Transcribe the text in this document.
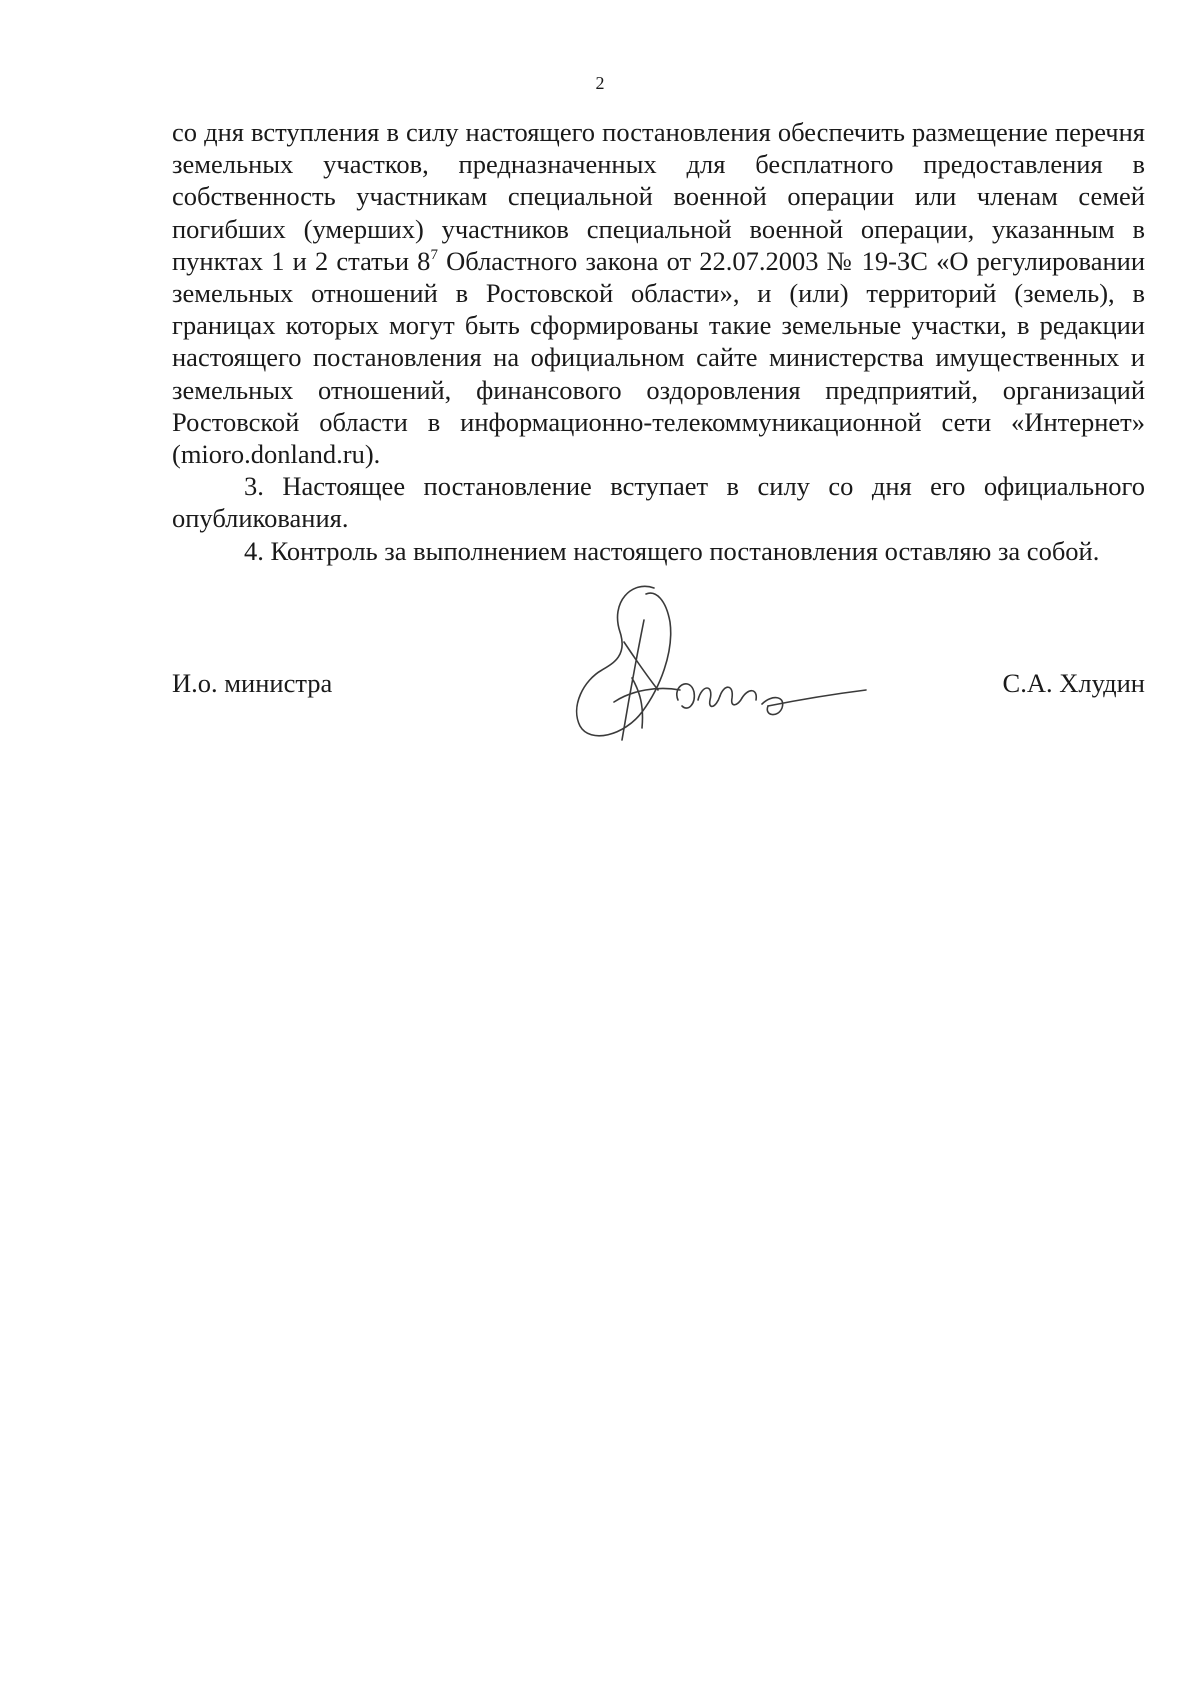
2

со дня вступления в силу настоящего постановления обеспечить размещение перечня земельных участков, предназначенных для бесплатного предоставления в собственность участникам специальной военной операции или членам семей погибших (умерших) участников специальной военной операции, указанным в пунктах 1 и 2 статьи $8^7$ Областного закона от 22.07.2003 № 19-ЗС «О регулировании земельных отношений в Ростовской области», и (или) территорий (земель), в границах которых могут быть сформированы такие земельные участки, в редакции настоящего постановления на официальном сайте министерства имущественных и земельных отношений, финансового оздоровления предприятий, организаций Ростовской области в информационно-телекоммуникационной сети «Интернет» (mioro.donland.ru).

3. Настоящее постановление вступает в силу со дня его официального опубликования.

4. Контроль за выполнением настоящего постановления оставляю за собой.

И.о. министра	С.А. Хлудин
